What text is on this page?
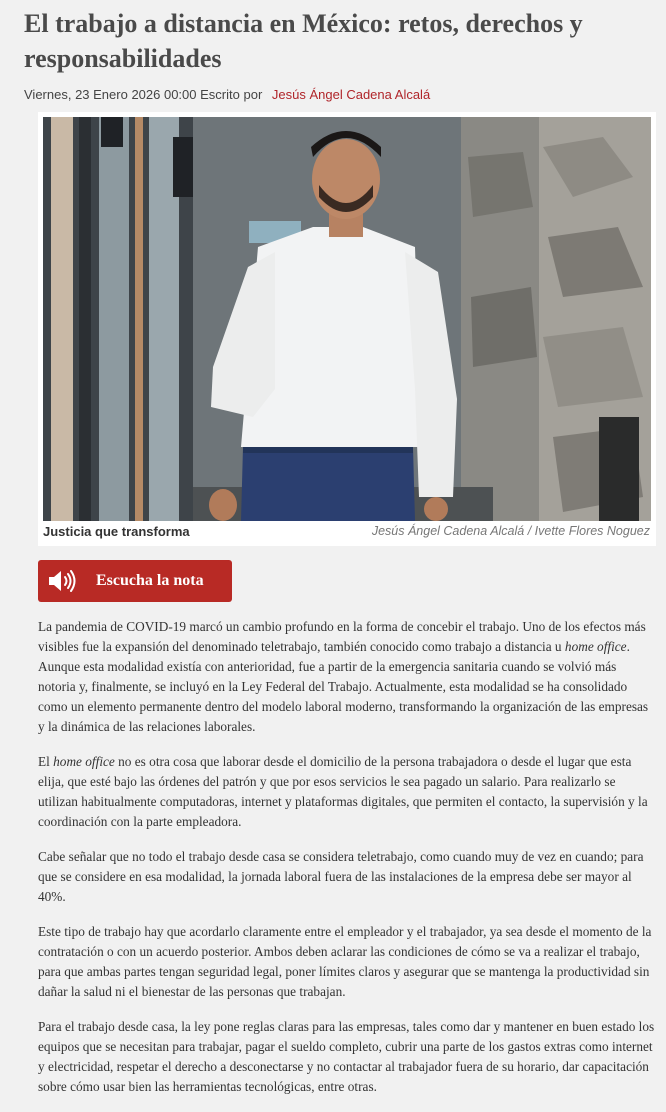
El trabajo a distancia en México: retos, derechos y responsabilidades
Viernes, 23 Enero 2026 00:00 Escrito por Jesús Ángel Cadena Alcalá
Justicia que transforma	Jesús Ángel Cadena Alcalá / Ivette Flores Noguez
Escucha la nota

La pandemia de COVID-19 marcó un cambio profundo en la forma de concebir el trabajo. Uno de los efectos más visibles fue la expansión del denominado teletrabajo, también conocido como trabajo a distancia u home office. Aunque esta modalidad existía con anterioridad, fue a partir de la emergencia sanitaria cuando se volvió más notoria y, finalmente, se incluyó en la Ley Federal del Trabajo. Actualmente, esta modalidad se ha consolidado como un elemento permanente dentro del modelo laboral moderno, transformando la organización de las empresas y la dinámica de las relaciones laborales.

El home office no es otra cosa que laborar desde el domicilio de la persona trabajadora o desde el lugar que esta elija, que esté bajo las órdenes del patrón y que por esos servicios le sea pagado un salario. Para realizarlo se utilizan habitualmente computadoras, internet y plataformas digitales, que permiten el contacto, la supervisión y la coordinación con la parte empleadora.

Cabe señalar que no todo el trabajo desde casa se considera teletrabajo, como cuando muy de vez en cuando; para que se considere en esa modalidad, la jornada laboral fuera de las instalaciones de la empresa debe ser mayor al 40%.

Este tipo de trabajo hay que acordarlo claramente entre el empleador y el trabajador, ya sea desde el momento de la contratación o con un acuerdo posterior. Ambos deben aclarar las condiciones de cómo se va a realizar el trabajo, para que ambas partes tengan seguridad legal, poner límites claros y asegurar que se mantenga la productividad sin dañar la salud ni el bienestar de las personas que trabajan.

Para el trabajo desde casa, la ley pone reglas claras para las empresas, tales como dar y mantener en buen estado los equipos que se necesitan para trabajar, pagar el sueldo completo, cubrir una parte de los gastos extras como internet y electricidad, respetar el derecho a desconectarse y no contactar al trabajador fuera de su horario, dar capacitación sobre cómo usar bien las herramientas tecnológicas, entre otras.
